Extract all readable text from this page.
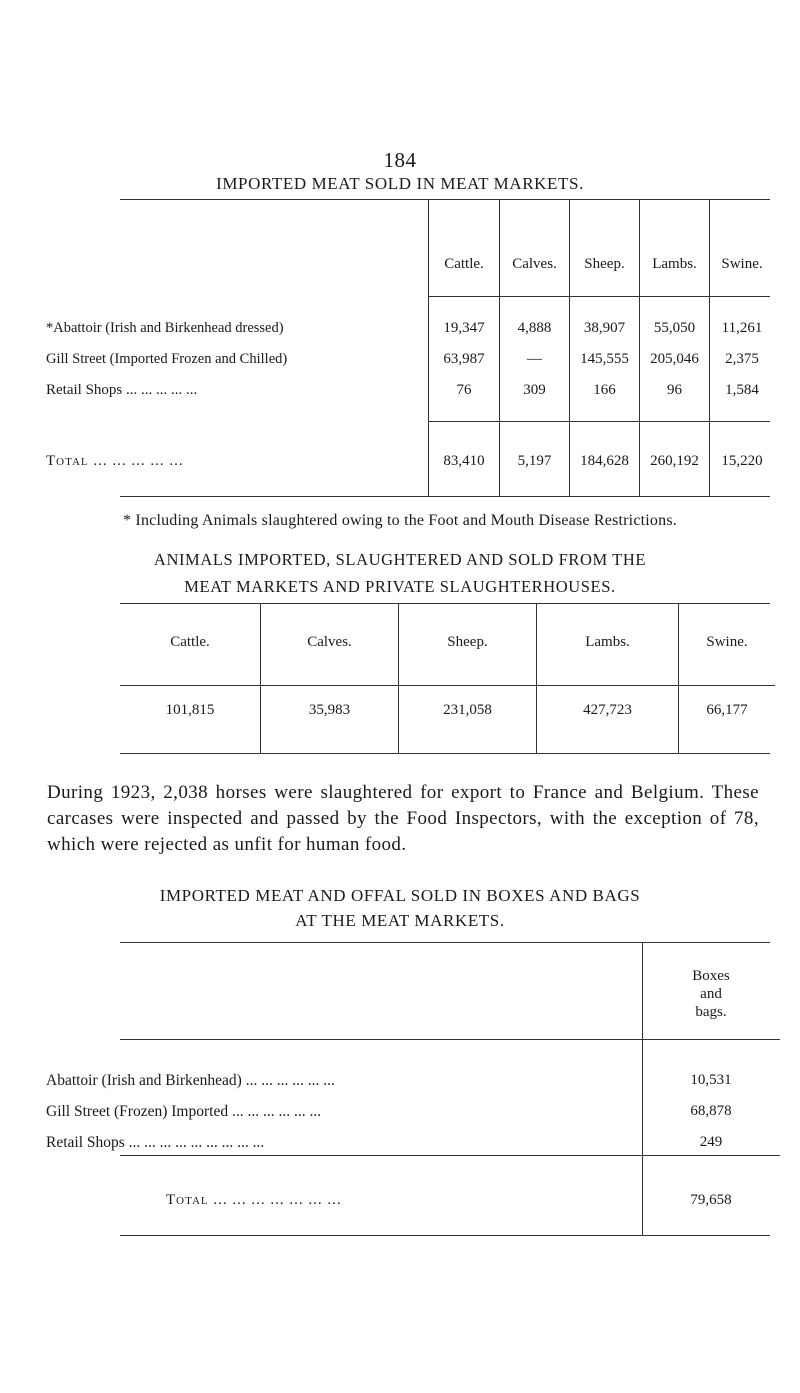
184
IMPORTED MEAT SOLD IN MEAT MARKETS.
Cattle.	Calves.	Sheep.	Lambs.	Swine.
*Abattoir (Irish and Birkenhead dressed)	19,347	4,888	38,907	55,050	11,261
Gill Street (Imported Frozen and Chilled)	63,987	—	145,555	205,046	2,375
Retail Shops ... ... ... ... ...	76	309	166	96	1,584
Total ... ... ... ... ...	83,410	5,197	184,628	260,192	15,220
* Including Animals slaughtered owing to the Foot and Mouth Disease Restrictions.
ANIMALS IMPORTED, SLAUGHTERED AND SOLD FROM THE
MEAT MARKETS AND PRIVATE SLAUGHTERHOUSES.
Cattle.	Calves.	Sheep.	Lambs.	Swine.
101,815	35,983	231,058	427,723	66,177
During 1923, 2,038 horses were slaughtered for export to France and Belgium. These carcases were inspected and passed by the Food Inspectors, with the exception of 78, which were rejected as unfit for human food.
IMPORTED MEAT AND OFFAL SOLD IN BOXES AND BAGS
AT THE MEAT MARKETS.
Boxes
and
bags.
Abattoir (Irish and Birkenhead) ... ... ... ... ... ...	10,531
Gill Street (Frozen) Imported ... ... ... ... ... ...	68,878
Retail Shops ... ... ... ... ... ... ... ... ...	249
Total ... ... ... ... ... ... ...	79,658
